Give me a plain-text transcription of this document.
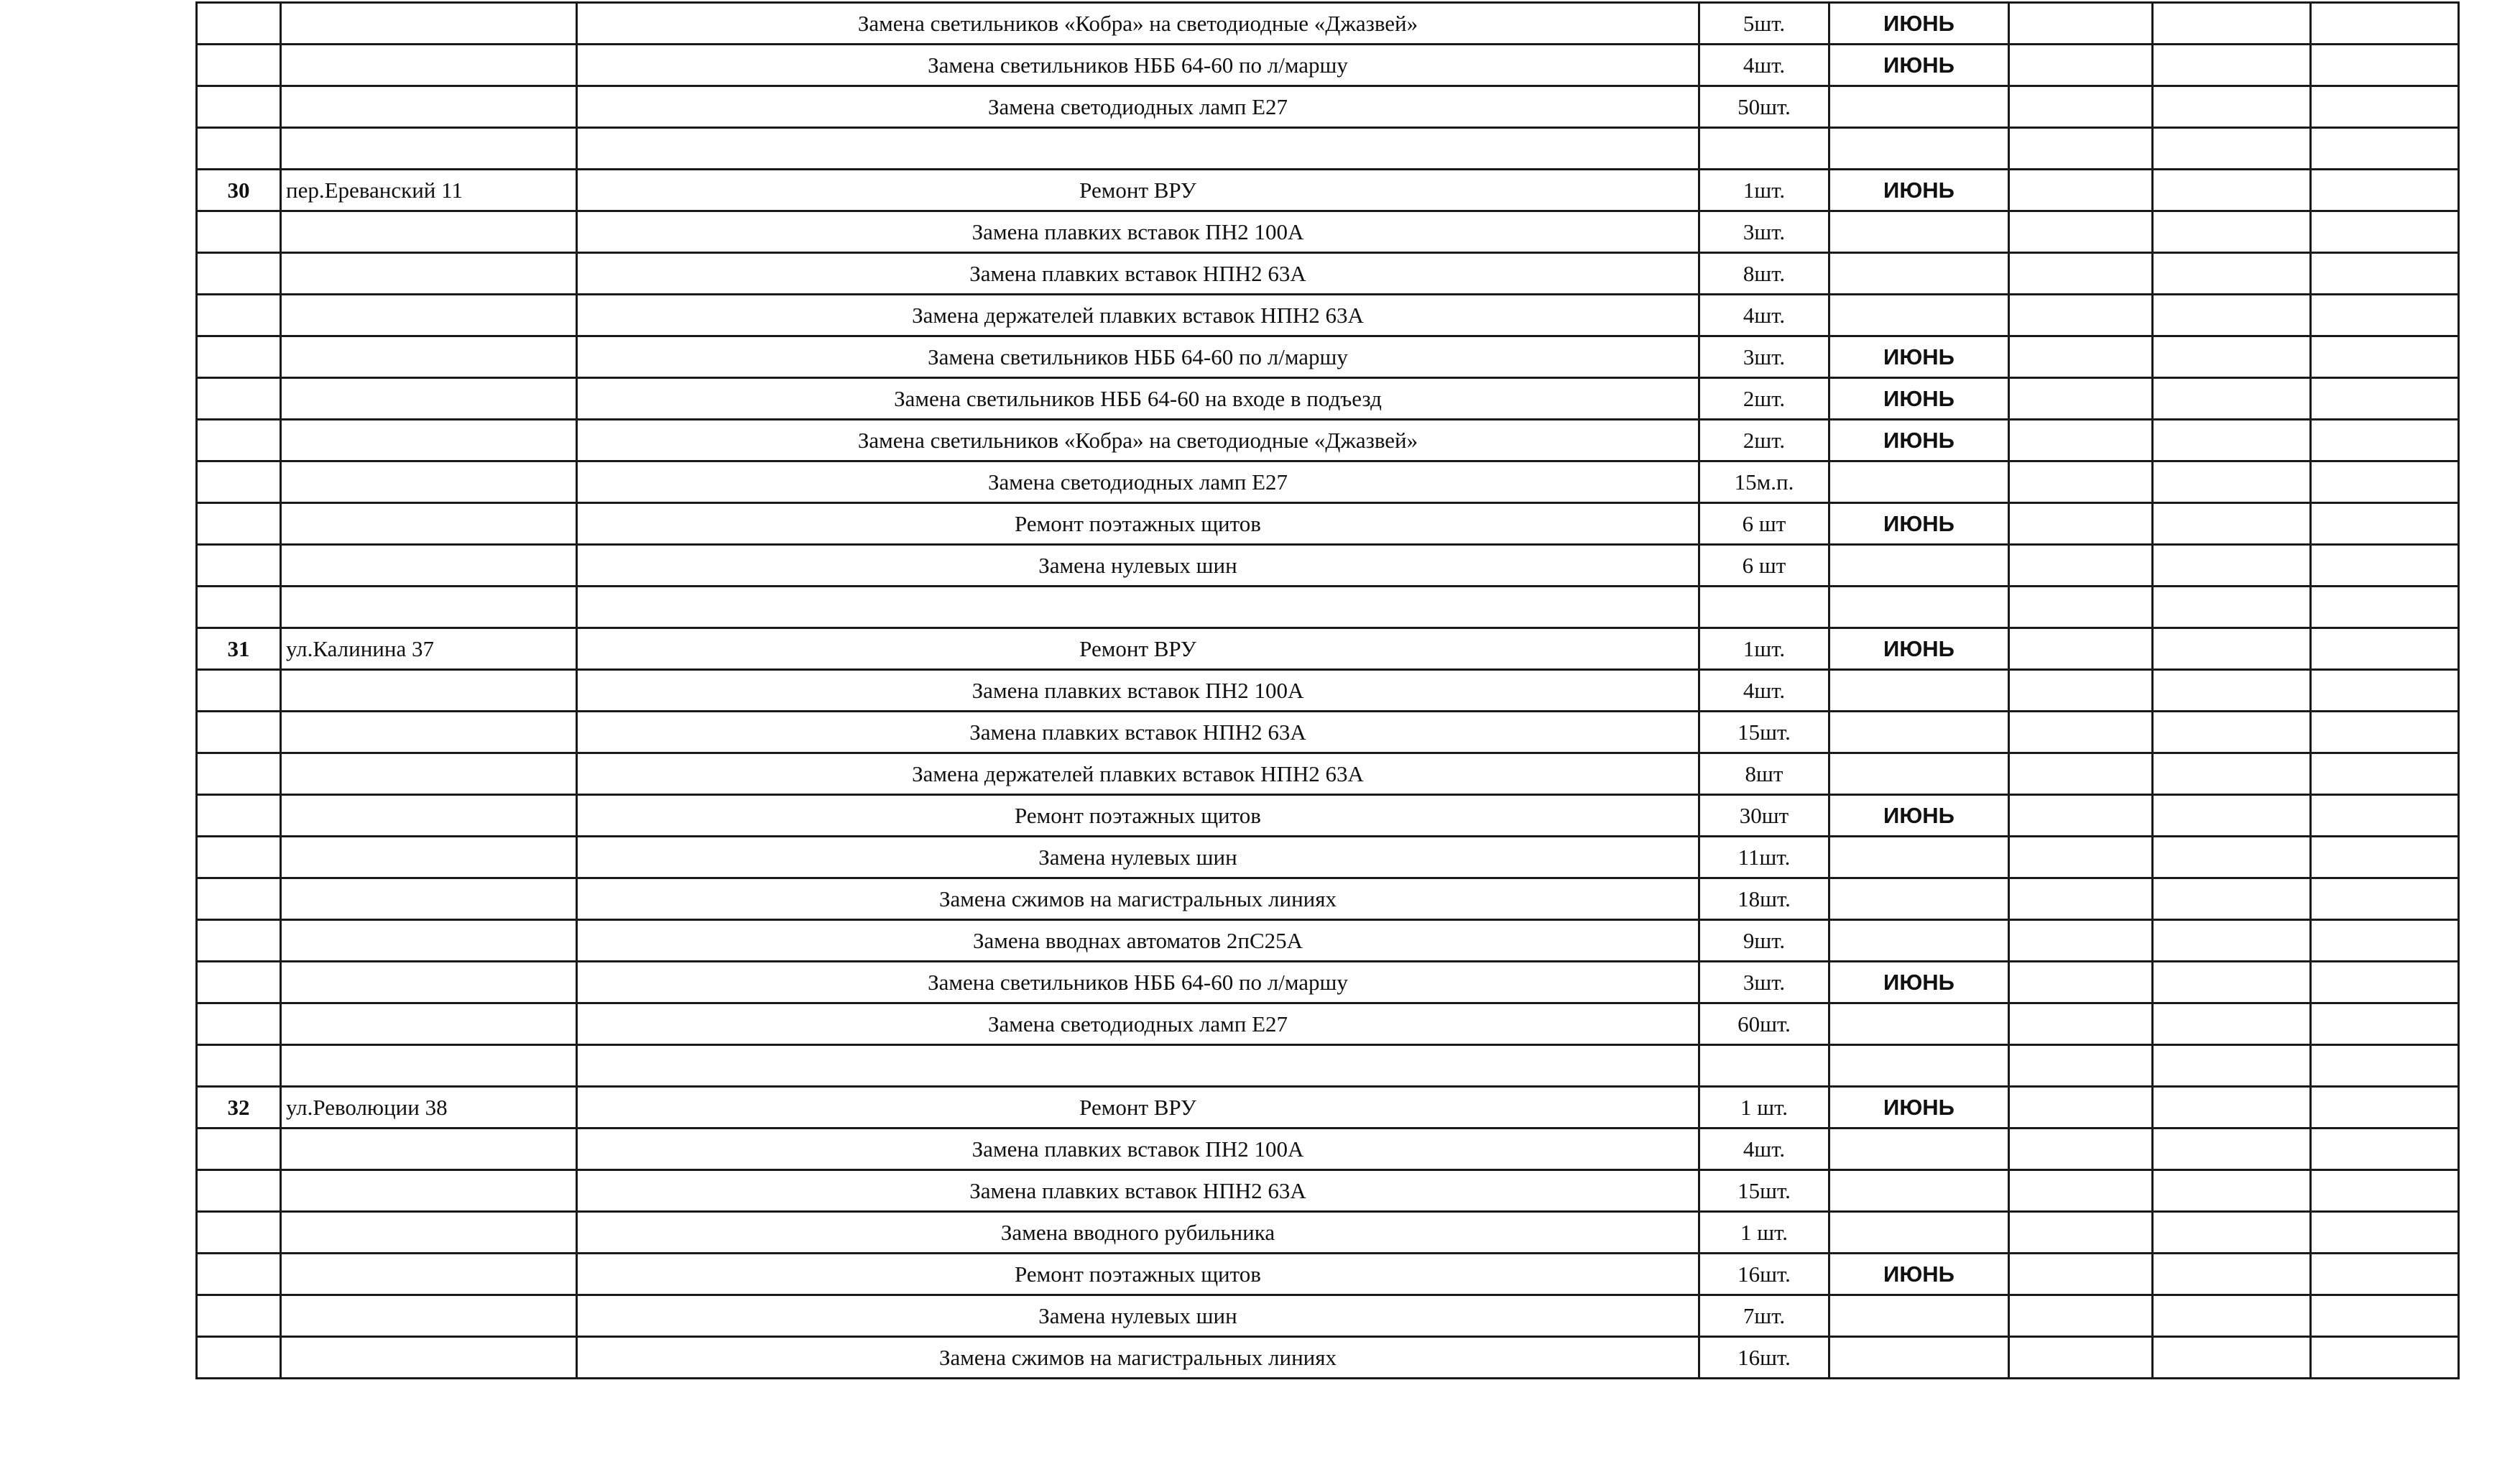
		Замена светильников «Кобра» на светодиодные «Джазвей»	5шт.	ИЮНЬ			
		Замена светильников НББ 64-60 по л/маршу	4шт.	ИЮНЬ			
		Замена светодиодных ламп Е27	50шт.				

30	пер.Ереванский 11	Ремонт ВРУ	1шт.	ИЮНЬ			
		Замена плавких вставок ПН2 100А	3шт.				
		Замена плавких вставок НПН2 63А	8шт.				
		Замена держателей плавких вставок НПН2 63А	4шт.				
		Замена светильников НББ 64-60 по л/маршу	3шт.	ИЮНЬ			
		Замена светильников НББ 64-60 на входе в подъезд	2шт.	ИЮНЬ			
		Замена светильников «Кобра» на светодиодные «Джазвей»	2шт.	ИЮНЬ			
		Замена светодиодных ламп Е27	15м.п.				
		Ремонт поэтажных щитов	6 шт	ИЮНЬ			
		Замена нулевых шин	6 шт				

31	ул.Калинина 37	Ремонт ВРУ	1шт.	ИЮНЬ			
		Замена плавких вставок ПН2 100А	4шт.				
		Замена плавких вставок НПН2 63А	15шт.				
		Замена держателей плавких вставок НПН2 63А	8шт				
		Ремонт поэтажных щитов	30шт	ИЮНЬ			
		Замена нулевых шин	11шт.				
		Замена сжимов на магистральных линиях	18шт.				
		Замена вводнах автоматов 2пС25А	9шт.				
		Замена светильников НББ 64-60 по л/маршу	3шт.	ИЮНЬ			
		Замена светодиодных ламп Е27	60шт.				

32	ул.Революции 38	Ремонт ВРУ	1 шт.	ИЮНЬ			
		Замена плавких вставок ПН2 100А	4шт.				
		Замена плавких вставок НПН2 63А	15шт.				
		Замена вводного рубильника	1 шт.				
		Ремонт поэтажных щитов	16шт.	ИЮНЬ			
		Замена нулевых шин	7шт.				
		Замена сжимов на магистральных линиях	16шт.				
